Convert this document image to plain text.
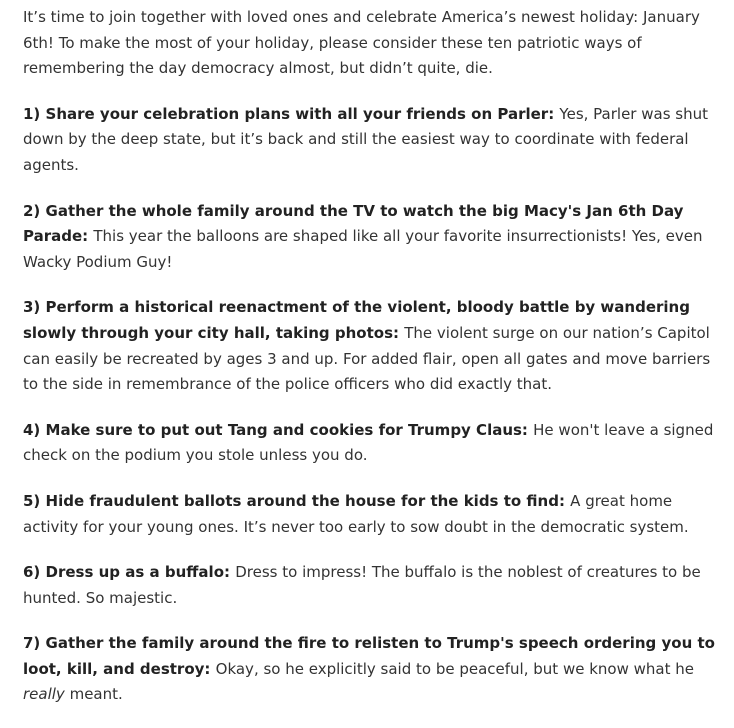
It’s time to join together with loved ones and celebrate America’s newest holiday: January 6th! To make the most of your holiday, please consider these ten patriotic ways of remembering the day democracy almost, but didn’t quite, die.

1) Share your celebration plans with all your friends on Parler: Yes, Parler was shut down by the deep state, but it’s back and still the easiest way to coordinate with federal agents.

2) Gather the whole family around the TV to watch the big Macy's Jan 6th Day Parade: This year the balloons are shaped like all your favorite insurrectionists! Yes, even Wacky Podium Guy!

3) Perform a historical reenactment of the violent, bloody battle by wandering slowly through your city hall, taking photos: The violent surge on our nation’s Capitol can easily be recreated by ages 3 and up. For added flair, open all gates and move barriers to the side in remembrance of the police officers who did exactly that.

4) Make sure to put out Tang and cookies for Trumpy Claus: He won't leave a signed check on the podium you stole unless you do.

5) Hide fraudulent ballots around the house for the kids to find: A great home activity for your young ones. It’s never too early to sow doubt in the democratic system.

6) Dress up as a buffalo: Dress to impress! The buffalo is the noblest of creatures to be hunted. So majestic.

7) Gather the family around the fire to relisten to Trump's speech ordering you to loot, kill, and destroy: Okay, so he explicitly said to be peaceful, but we know what he really meant.
